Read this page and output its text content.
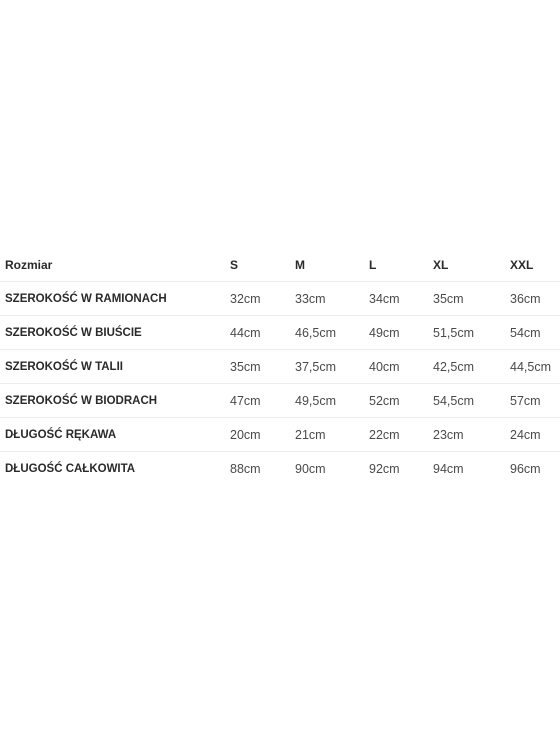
Rozmiar	S	M	L	XL	XXL
SZEROKOŚĆ W RAMIONACH	32cm	33cm	34cm	35cm	36cm
SZEROKOŚĆ W BIUŚCIE	44cm	46,5cm	49cm	51,5cm	54cm
SZEROKOŚĆ W TALII	35cm	37,5cm	40cm	42,5cm	44,5cm
SZEROKOŚĆ W BIODRACH	47cm	49,5cm	52cm	54,5cm	57cm
DŁUGOŚĆ RĘKAWA	20cm	21cm	22cm	23cm	24cm
DŁUGOŚĆ CAŁKOWITA	88cm	90cm	92cm	94cm	96cm
